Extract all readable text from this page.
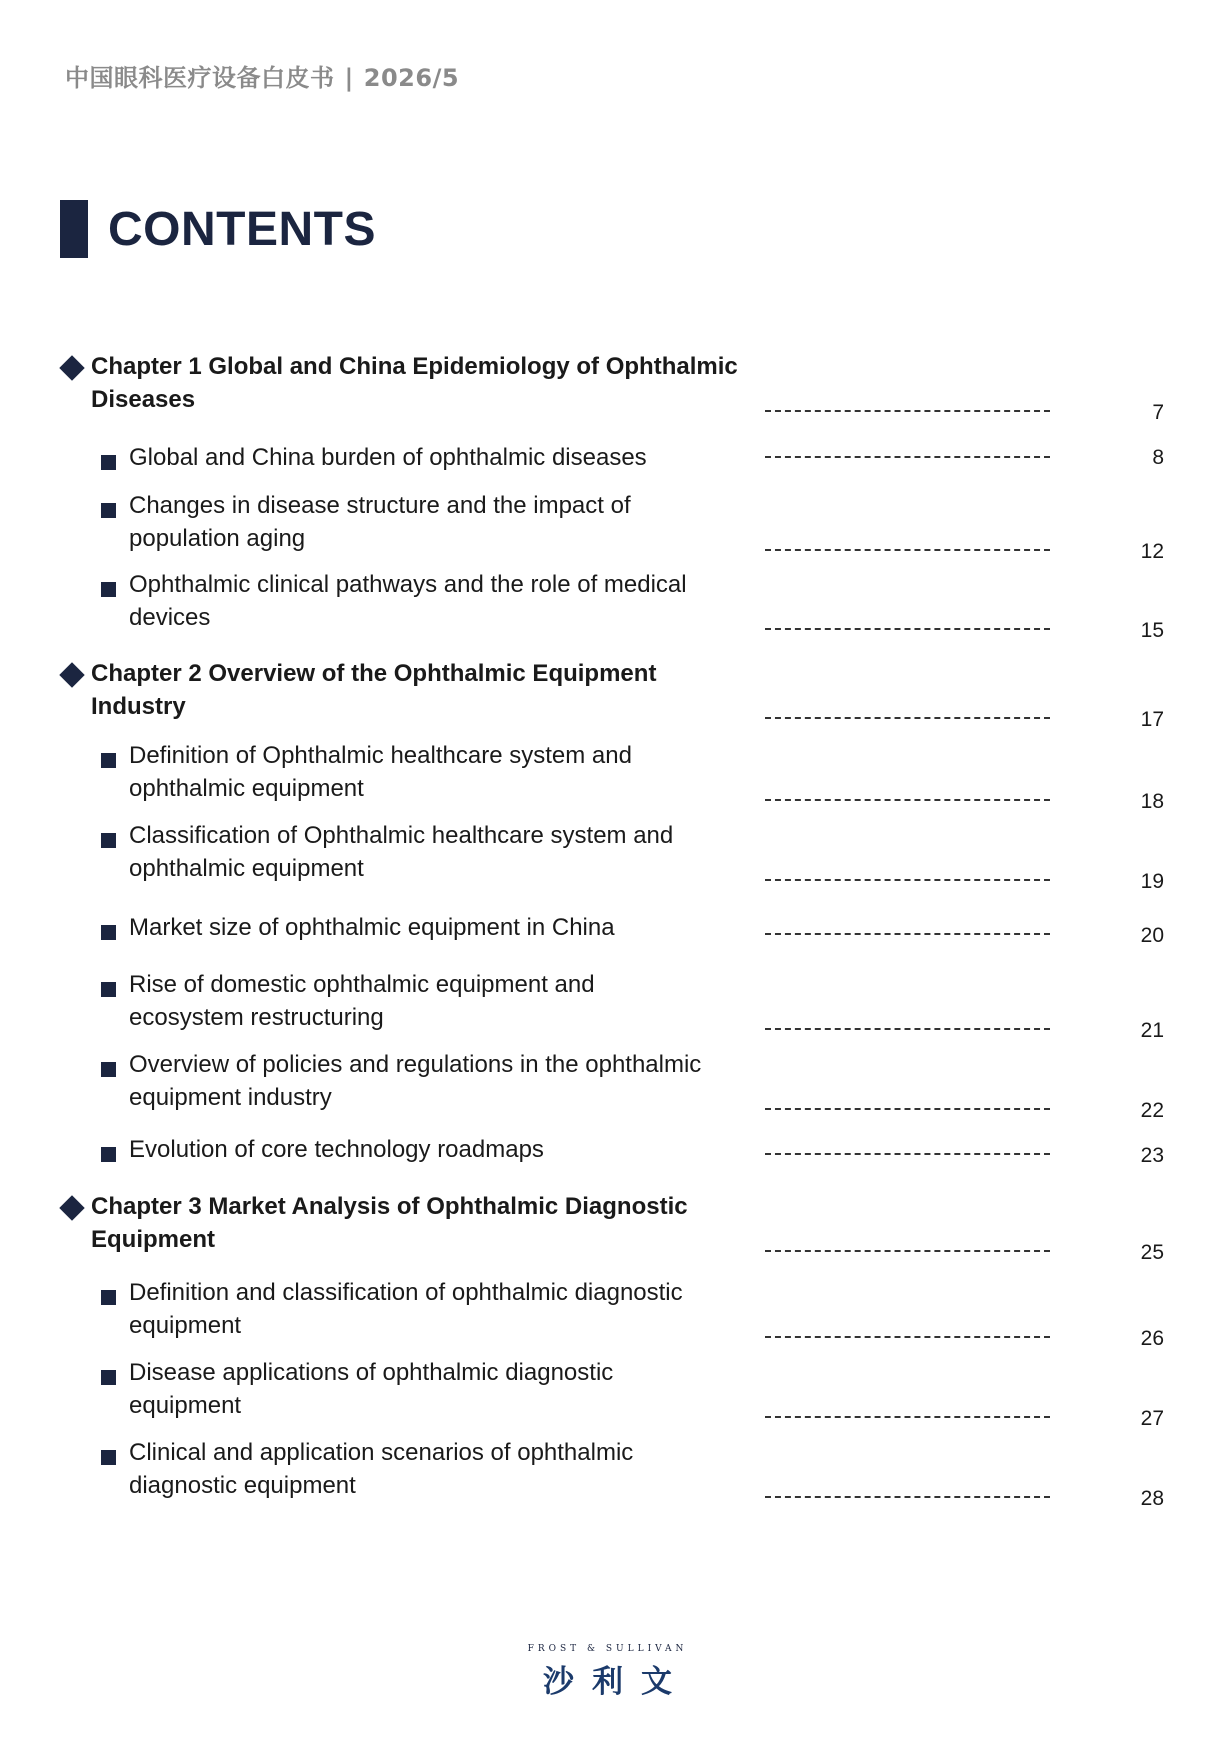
中国眼科医疗设备白皮书 | 2026/5
CONTENTS
Chapter 1 Global and China Epidemiology of Ophthalmic
Diseases	7
Global and China burden of ophthalmic diseases	8
Changes in disease structure and the impact of
population aging	12
Ophthalmic clinical pathways and the role of medical
devices	15
Chapter 2 Overview of the Ophthalmic Equipment
Industry	17
Definition of Ophthalmic healthcare system and
ophthalmic equipment	18
Classification of Ophthalmic healthcare system and
ophthalmic equipment	19
Market size of ophthalmic equipment in China	20
Rise of domestic ophthalmic equipment and
ecosystem restructuring	21
Overview of policies and regulations in the ophthalmic
equipment industry	22
Evolution of core technology roadmaps	23
Chapter 3 Market Analysis of Ophthalmic Diagnostic
Equipment	25
Definition and classification of ophthalmic diagnostic
equipment	26
Disease applications of ophthalmic diagnostic
equipment	27
Clinical and application scenarios of ophthalmic
diagnostic equipment	28
FROST & SULLIVAN
沙利文
